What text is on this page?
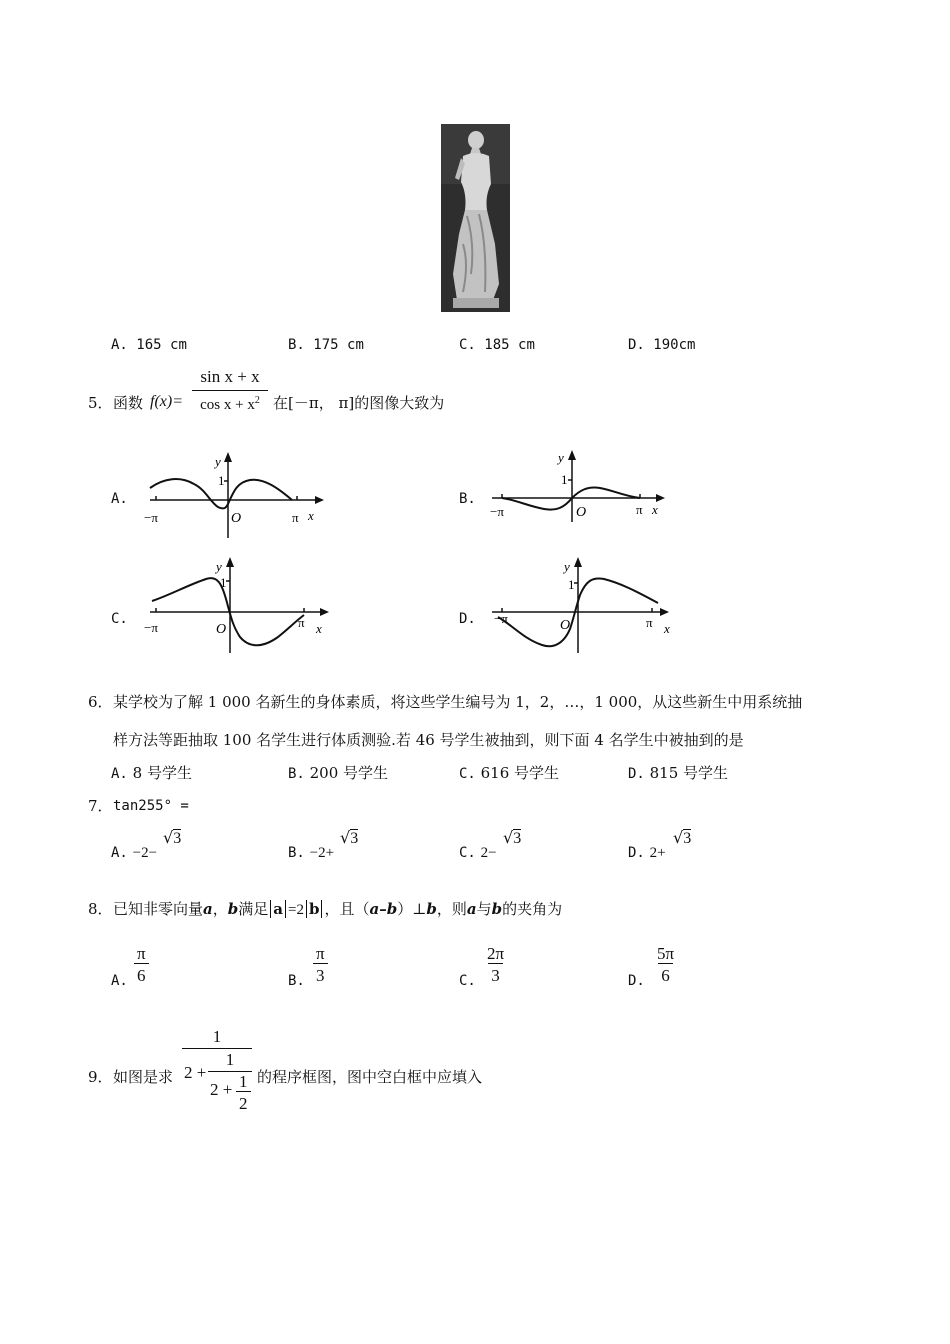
A. 165 cm	B. 175 cm	C. 185 cm	D. 190cm
5． 函数 $f(x)= \frac{\text{sin x + x}}{\cos x + x^2}$ 在[－π， π]的图像大致为
A.	B.
C.	D.
y
1
O
−π	π x
y
1
O
−π	π x
y
1
O
−π	π x
y
1
O
−π	π x
6． 某学校为了解 1 000 名新生的身体素质，将这些学生编号为 1，2，…，1 000，从这些新生中用系统抽
样方法等距抽取 100 名学生进行体质测验.若 46 号学生被抽到，则下面 4 名学生中被抽到的是
A. 8 号学生	B. 200 号学生	C. 616 号学生	D. 815 号学生
7． tan255° =
A. −2−
√3
B. −2+
√3
C. 2−
√3
D. 2+
√3
8． 已知非零向量a，b满足 a =2 b ，且（a–b）⊥b，则a与b的夹角为
A. $\frac{\pi}{6}$	B. $\frac{\pi}{3}$	C. $\frac{2\pi}{3}$	D. $\frac{5\pi}{6}$
9． 如图是求
1
2 +
1
$2 + \frac{1}{2}$ 的程序框图，图中空白框中应填入
